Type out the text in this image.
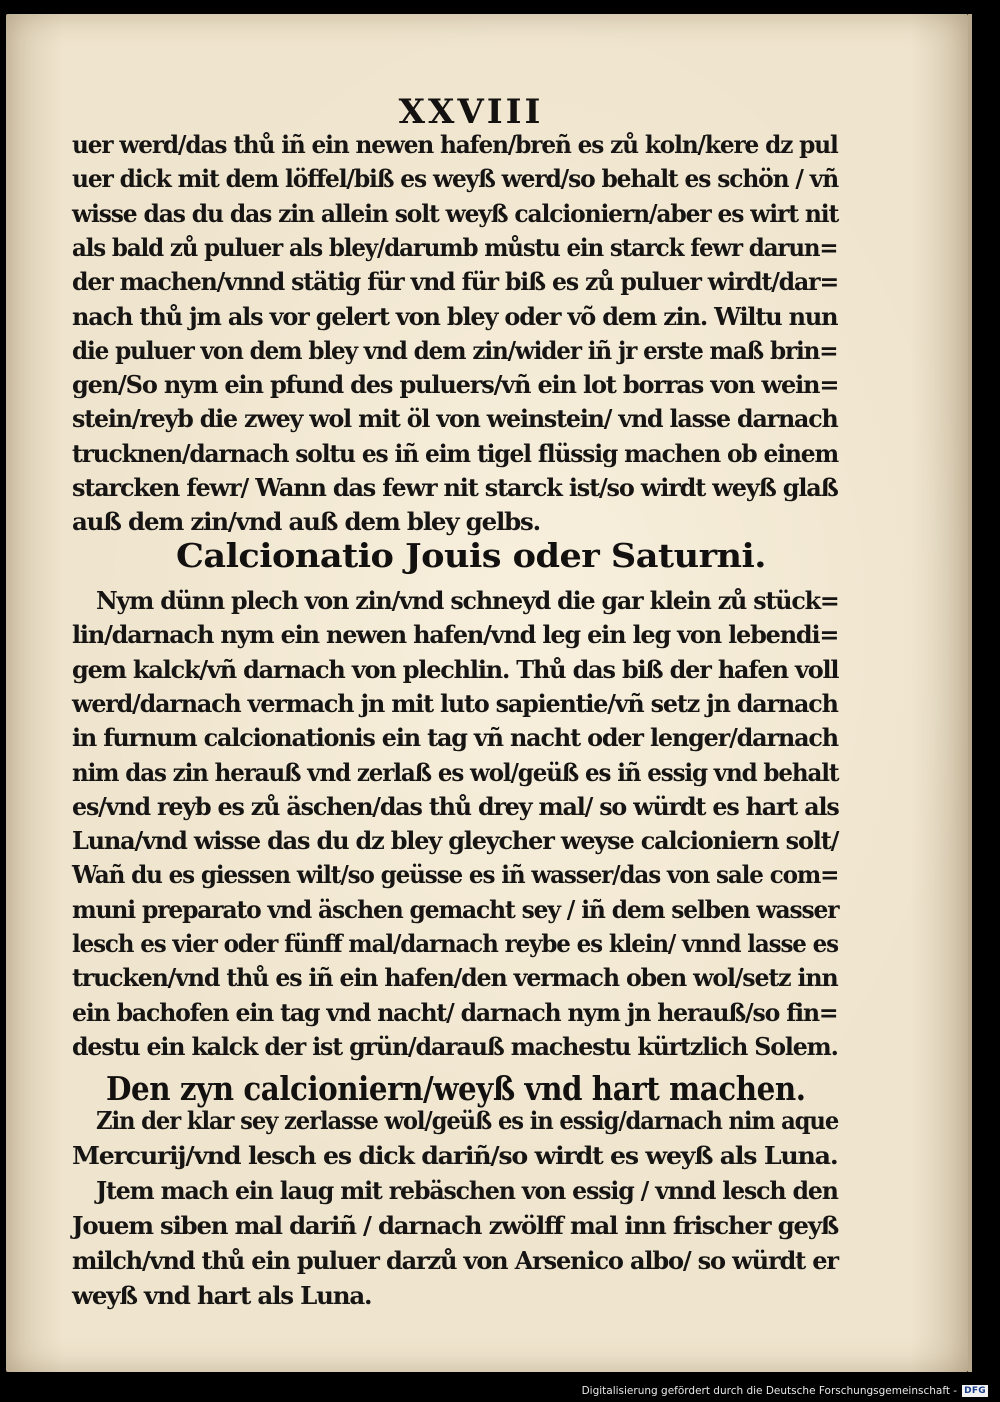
XXVIII
uer werd/das thů iñ ein newen hafen/breñ es zů koln/kere dz pul
uer dick mit dem löffel/biß es weyß werd/so behalt es schön / vñ
wisse das du das zin allein solt weyß calcioniern/aber es wirt nit
als bald zů puluer als bley/darumb můstu ein starck fewr darun=
der machen/vnnd stätig für vnd für biß es zů puluer wirdt/dar=
nach thů jm als vor gelert von bley oder võ dem zin. Wiltu nun
die puluer von dem bley vnd dem zin/wider iñ jr erste maß brin=
gen/So nym ein pfund des puluers/vñ ein lot borras von wein=
stein/reyb die zwey wol mit öl von weinstein/ vnd lasse darnach
trucknen/darnach soltu es iñ eim tigel flüssig machen ob einem
starcken fewr/ Wann das fewr nit starck ist/so wirdt weyß glaß
auß dem zin/vnd auß dem bley gelbs.
Calcionatio Jouis oder Saturni.
Nym dünn plech von zin/vnd schneyd die gar klein zů stück=
lin/darnach nym ein newen hafen/vnd leg ein leg von lebendi=
gem kalck/vñ darnach von plechlin. Thů das biß der hafen voll
werd/darnach vermach jn mit luto sapientie/vñ setz jn darnach
in furnum calcionationis ein tag vñ nacht oder lenger/darnach
nim das zin herauß vnd zerlaß es wol/geüß es iñ essig vnd behalt
es/vnd reyb es zů äschen/das thů drey mal/ so würdt es hart als
Luna/vnd wisse das du dz bley gleycher weyse calcioniern solt/
Wañ du es giessen wilt/so geüsse es iñ wasser/das von sale com=
muni preparato vnd äschen gemacht sey / iñ dem selben wasser
lesch es vier oder fünff mal/darnach reybe es klein/ vnnd lasse es
trucken/vnd thů es iñ ein hafen/den vermach oben wol/setz inn
ein bachofen ein tag vnd nacht/ darnach nym jn herauß/so fin=
destu ein kalck der ist grün/darauß machestu kürtzlich Solem.
Den zyn calcioniern/weyß vnd hart machen.
Zin der klar sey zerlasse wol/geüß es in essig/darnach nim aque
Mercurij/vnd lesch es dick dariñ/so wirdt es weyß als Luna.
Jtem mach ein laug mit rebäschen von essig / vnnd lesch den
Jouem siben mal dariñ / darnach zwölff mal inn frischer geyß
milch/vnd thů ein puluer darzů von Arsenico albo/ so würdt er
weyß vnd hart als Luna.
Digitalisierung gefördert durch die Deutsche Forschungsgemeinschaft - DFG
